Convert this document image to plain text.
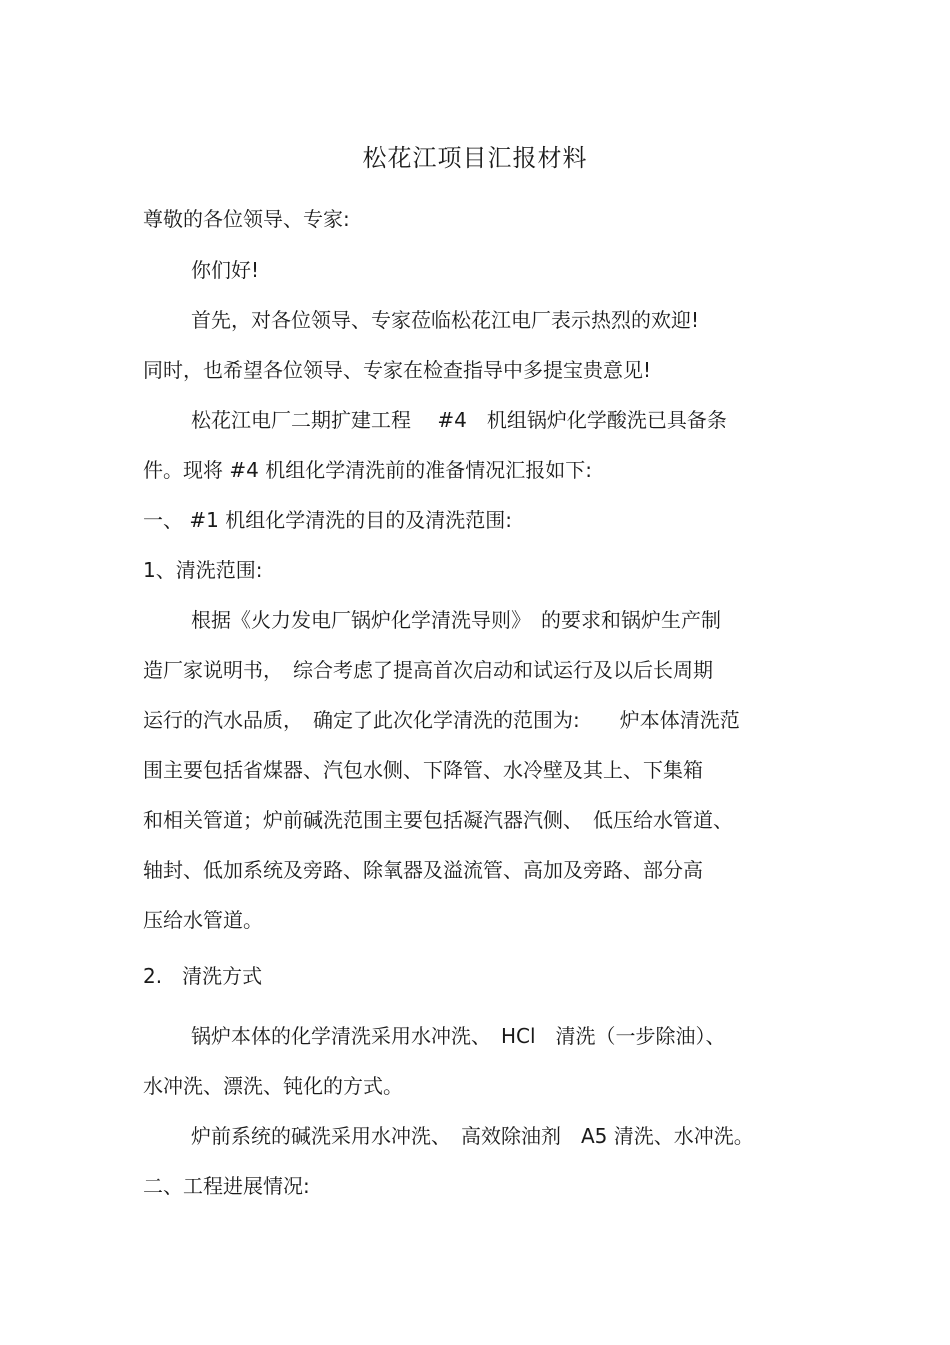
松花江项目汇报材料
尊敬的各位领导、专家:
你们好!
首先，对各位领导、专家莅临松花江电厂表示热烈的欢迎!
同时，也希望各位领导、专家在检查指导中多提宝贵意见!
松花江电厂二期扩建工程 　#4　机组锅炉化学酸洗已具备条
件。现将 #4 机组化学清洗前的准备情况汇报如下:
一、 #1 机组化学清洗的目的及清洗范围:
1、清洗范围:
根据《火力发电厂锅炉化学清洗导则》　的要求和锅炉生产制
造厂家说明书，　综合考虑了提高首次启动和试运行及以后长周期
运行的汽水品质，　确定了此次化学清洗的范围为:　　炉本体清洗范
围主要包括省煤器、汽包水侧、下降管、水冷壁及其上、下集箱
和相关管道；炉前碱洗范围主要包括凝汽器汽侧、　低压给水管道、
轴封、低加系统及旁路、除氧器及溢流管、高加及旁路、部分高
压给水管道。
2.　清洗方式
锅炉本体的化学清洗采用水冲洗、　HCl　清洗（一步除油）、
水冲洗、漂洗、钝化的方式。
炉前系统的碱洗采用水冲洗、　高效除油剂　A5 清洗、水冲洗。
二、工程进展情况:
